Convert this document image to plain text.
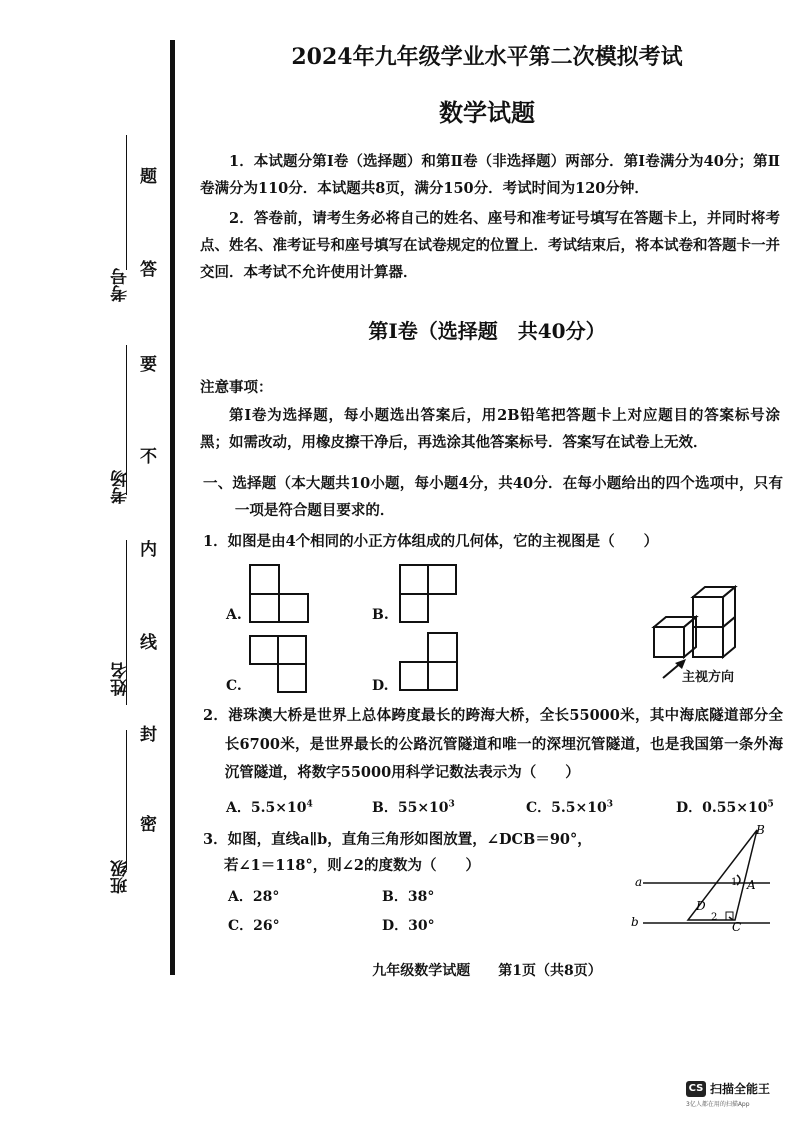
考号
考场
姓名
班级
题
答
要
不
内
线
封
密
2024年九年级学业水平第二次模拟考试
数学试题
1．本试题分第Ⅰ卷（选择题）和第Ⅱ卷（非选择题）两部分．第Ⅰ卷满分为40分；第Ⅱ卷满分为110分．本试题共8页，满分150分．考试时间为120分钟．
2．答卷前，请考生务必将自己的姓名、座号和准考证号填写在答题卡上，并同时将考点、姓名、准考证号和座号填写在试卷规定的位置上．考试结束后，将本试卷和答题卡一并交回．本考试不允许使用计算器．
第Ⅰ卷（选择题　共40分）
注意事项：
第Ⅰ卷为选择题，每小题选出答案后，用2B铅笔把答题卡上对应题目的答案标号涂黑；如需改动，用橡皮擦干净后，再选涂其他答案标号．答案写在试卷上无效．
一、选择题（本大题共10小题，每小题4分，共40分．在每小题给出的四个选项中，只有一项是符合题目要求的．
1．如图是由4个相同的小正方体组成的几何体，它的主视图是（　　）
A.	B.
C.	D.
主视方向
2．港珠澳大桥是世界上总体跨度最长的跨海大桥，全长55000米，其中海底隧道部分全长6700米，是世界最长的公路沉管隧道和唯一的深埋沉管隧道，也是我国第一条外海沉管隧道，将数字55000用科学记数法表示为（　　）
A．$5.5\times 10^4$	B．$55\times 10^3$	C．$5.5\times 10^3$	D．$0.55\times 10^5$
3．如图，直线a∥b，直角三角形如图放置，∠DCB＝90°，
若∠1＝118°，则∠2的度数为（　　）
A．28°	B．38°
C．26°	D．30°
a
b
B
A
C
D
1
2
九年级数学试题　　第1页（共8页）
CS 扫描全能王
3亿人都在用的扫描App
